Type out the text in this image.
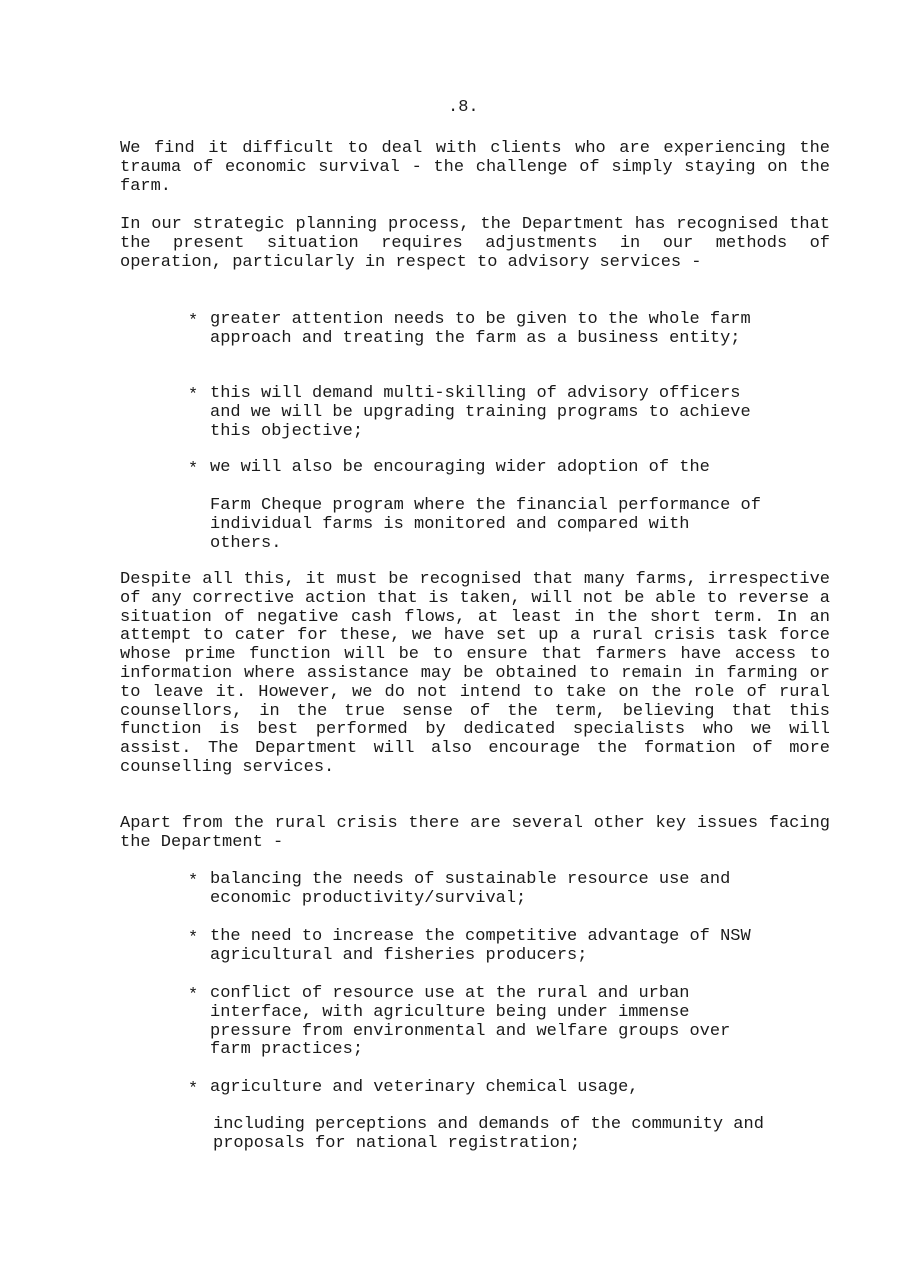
.8.

We find it difficult to deal with clients who are experiencing the trauma of economic survival - the challenge of simply staying on the farm.

In our strategic planning process, the Department has recognised that the present situation requires adjustments in our methods of operation, particularly in respect to advisory services -

* greater attention needs to be given to the whole farm approach and treating the farm as a business entity;
* this will demand multi-skilling of advisory officers and we will be upgrading training programs to achieve this objective;
* we will also be encouraging wider adoption of the

Farm Cheque program where the financial performance of individual farms is monitored and compared with others.

Despite all this, it must be recognised that many farms, irrespective of any corrective action that is taken, will not be able to reverse a situation of negative cash flows, at least in the short term. In an attempt to cater for these, we have set up a rural crisis task force whose prime function will be to ensure that farmers have access to information where assistance may be obtained to remain in farming or to leave it. However, we do not intend to take on the role of rural counsellors, in the true sense of the term, believing that this function is best performed by dedicated specialists who we will assist. The Department will also encourage the formation of more counselling services.

Apart from the rural crisis there are several other key issues facing the Department -

* balancing the needs of sustainable resource use and economic productivity/survival;
* the need to increase the competitive advantage of NSW agricultural and fisheries producers;
* conflict of resource use at the rural and urban interface, with agriculture being under immense pressure from environmental and welfare groups over farm practices;
* agriculture and veterinary chemical usage,

including perceptions and demands of the community and proposals for national registration;
